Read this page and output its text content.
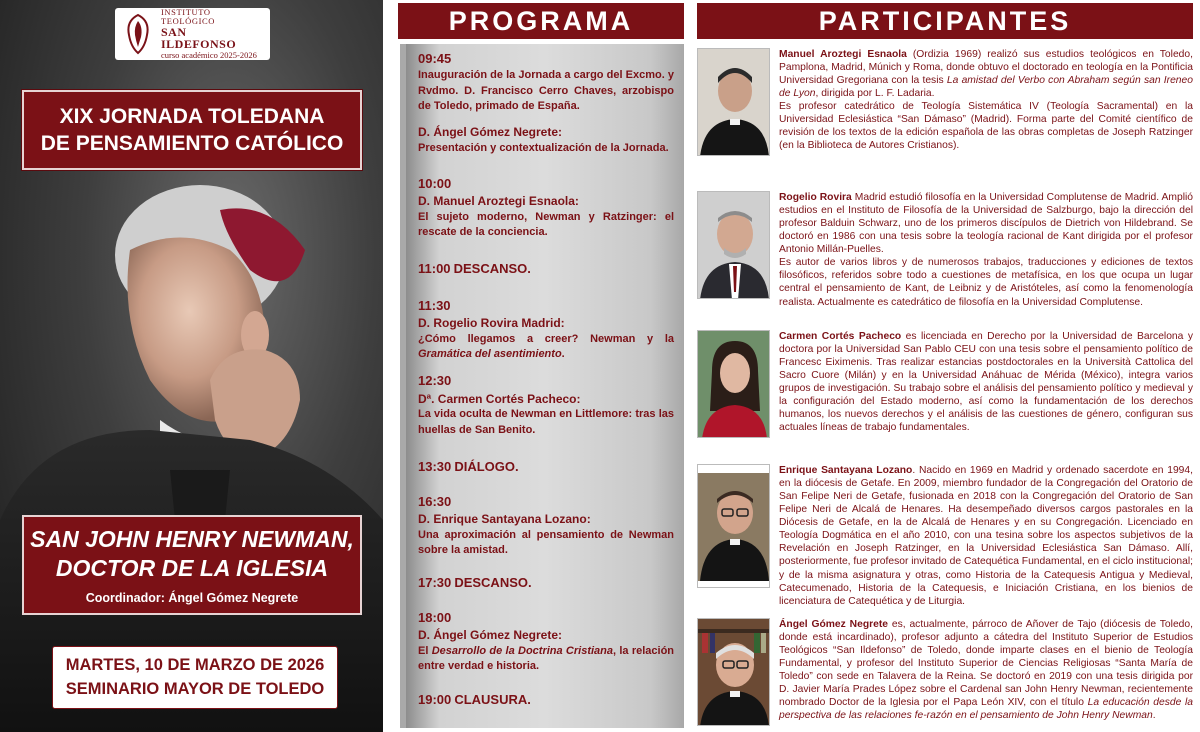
INSTITUTO TEOLÓGICO
SAN ILDEFONSO
curso académico 2025-2026
XIX JORNADA TOLEDANA
DE PENSAMIENTO CATÓLICO
SAN JOHN HENRY NEWMAN,
DOCTOR DE LA IGLESIA
Coordinador: Ángel Gómez Negrete
MARTES, 10 DE MARZO DE 2026
SEMINARIO MAYOR DE TOLEDO
PROGRAMA
09:45
Inauguración de la Jornada a cargo del Excmo. y Rvdmo. D. Francisco Cerro Chaves, arzobispo de Toledo, primado de España.
D. Ángel Gómez Negrete:
Presentación y contextualización de la Jornada.
10:00
D. Manuel Aroztegi Esnaola:
El sujeto moderno, Newman y Ratzinger: el rescate de la conciencia.
11:00 DESCANSO.
11:30
D. Rogelio Rovira Madrid:
¿Cómo llegamos a creer? Newman y la Gramática del asentimiento.
12:30
Dª. Carmen Cortés Pacheco:
La vida oculta de Newman en Littlemore: tras las huellas de San Benito.
13:30 DIÁLOGO.
16:30
D. Enrique Santayana Lozano:
Una aproximación al pensamiento de Newman sobre la amistad.
17:30 DESCANSO.
18:00
D. Ángel Gómez Negrete:
El Desarrollo de la Doctrina Cristiana, la relación entre verdad e historia.
19:00 CLAUSURA.
PARTICIPANTES
Manuel Aroztegi Esnaola (Ordizia 1969) realizó sus estudios teológicos en Toledo, Pamplona, Madrid, Múnich y Roma, donde obtuvo el doctorado en teología en la Pontificia Universidad Gregoriana con la tesis La amistad del Verbo con Abraham según san Ireneo de Lyon, dirigida por L. F. Ladaria.
Es profesor catedrático de Teología Sistemática IV (Teología Sacramental) en la Universidad Eclesiástica “San Dámaso” (Madrid). Forma parte del Comité científico de revisión de los textos de la edición española de las obras completas de Joseph Ratzinger (en la Biblioteca de Autores Cristianos).
Rogelio Rovira Madrid estudió filosofía en la Universidad Complutense de Madrid. Amplió estudios en el Instituto de Filosofía de la Universidad de Salzburgo, bajo la dirección del profesor Balduin Schwarz, uno de los primeros discípulos de Dietrich von Hildebrand. Se doctoró en 1986 con una tesis sobre la teología racional de Kant dirigida por el profesor Antonio Millán-Puelles.
Es autor de varios libros y de numerosos trabajos, traducciones y ediciones de textos filosóficos, referidos sobre todo a cuestiones de metafísica, en los que ocupa un lugar central el pensamiento de Kant, de Leibniz y de Aristóteles, así como la fenomenología realista. Actualmente es catedrático de filosofía en la Universidad Complutense.
Carmen Cortés Pacheco es licenciada en Derecho por la Universidad de Barcelona y doctora por la Universidad San Pablo CEU con una tesis sobre el pensamiento político de Francesc Eiximenis. Tras realizar estancias postdoctorales en la Università Cattolica del Sacro Cuore (Milán) y en la Universidad Anáhuac de Mérida (México), integra varios grupos de investigación. Su trabajo sobre el análisis del pensamiento político y medieval y la configuración del Estado moderno, así como la fundamentación de los derechos humanos, los nuevos derechos y el análisis de las cuestiones de género, configuran sus actuales líneas de trabajo fundamentales.
Enrique Santayana Lozano. Nacido en 1969 en Madrid y ordenado sacerdote en 1994, en la diócesis de Getafe. En 2009, miembro fundador de la Congregación del Oratorio de San Felipe Neri de Getafe, fusionada en 2018 con la Congregación del Oratorio de San Felipe Neri de Alcalá de Henares. Ha desempeñado diversos cargos pastorales en la Diócesis de Getafe, en la de Alcalá de Henares y en su Congregación. Licenciado en Teología Dogmática en el año 2010, con una tesina sobre los aspectos subjetivos de la Revelación en Joseph Ratzinger, en la Universidad Eclesiástica San Dámaso. Allí, posteriormente, fue profesor invitado de Catequética Fundamental, en el ciclo institucional; y de la misma asignatura y otras, como Historia de la Catequesis Antigua y Medieval, Catecumenado, Historia de la Catequesis, e Iniciación Cristiana, en los bienios de licenciatura de Catequética y de Liturgia.
Ángel Gómez Negrete es, actualmente, párroco de Añover de Tajo (diócesis de Toledo, donde está incardinado), profesor adjunto a cátedra del Instituto Superior de Estudios Teológicos “San Ildefonso” de Toledo, donde imparte clases en el bienio de Teología Fundamental, y profesor del Instituto Superior de Ciencias Religiosas “Santa María de Toledo” con sede en Talavera de la Reina. Se doctoró en 2019 con una tesis dirigida por D. Javier María Prades López sobre el Cardenal san John Henry Newman, recientemente nombrado Doctor de la Iglesia por el Papa León XIV, con el título La educación desde la perspectiva de las relaciones fe-razón en el pensamiento de John Henry Newman.
